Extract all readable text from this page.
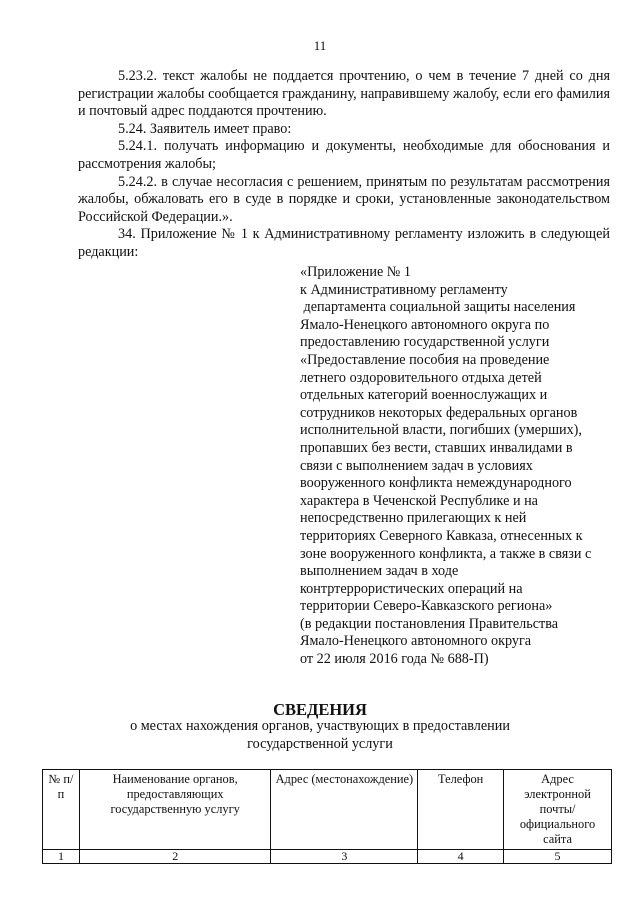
11

5.23.2. текст жалобы не поддается прочтению, о чем в течение 7 дней со дня регистрации жалобы сообщается гражданину, направившему жалобу, если его фамилия и почтовый адрес поддаются прочтению.

5.24. Заявитель имеет право:

5.24.1. получать информацию и документы, необходимые для обоснования и рассмотрения жалобы;

5.24.2. в случае несогласия с решением, принятым по результатам рассмотрения жалобы, обжаловать его в суде в порядке и сроки, установленные законодательством Российской Федерации.».

34. Приложение № 1 к Административному регламенту изложить в следующей редакции:

«Приложение № 1
к Административному регламенту
департамента социальной защиты населения
Ямало-Ненецкого автономного округа по
предоставлению государственной услуги
«Предоставление пособия на проведение
летнего оздоровительного отдыха детей
отдельных категорий военнослужащих и
сотрудников некоторых федеральных органов
исполнительной власти, погибших (умерших),
пропавших без вести, ставших инвалидами в
связи с выполнением задач в условиях
вооруженного конфликта немеждународного
характера в Чеченской Республике и на
непосредственно прилегающих к ней
территориях Северного Кавказа, отнесенных к
зоне вооруженного конфликта, а также в связи с
выполнением задач в ходе
контртеррористических операций на
территории Северо-Кавказского региона»
(в редакции постановления Правительства
Ямало-Ненецкого автономного округа
от 22 июля 2016 года № 688-П)
СВЕДЕНИЯ
о местах нахождения органов, участвующих в предоставлении
государственной услуги
№ п/п	Наименование органов, предоставляющих государственную услугу	Адрес (местонахождение)	Телефон	Адрес электронной почты/ официального сайта
1	2	3	4	5
